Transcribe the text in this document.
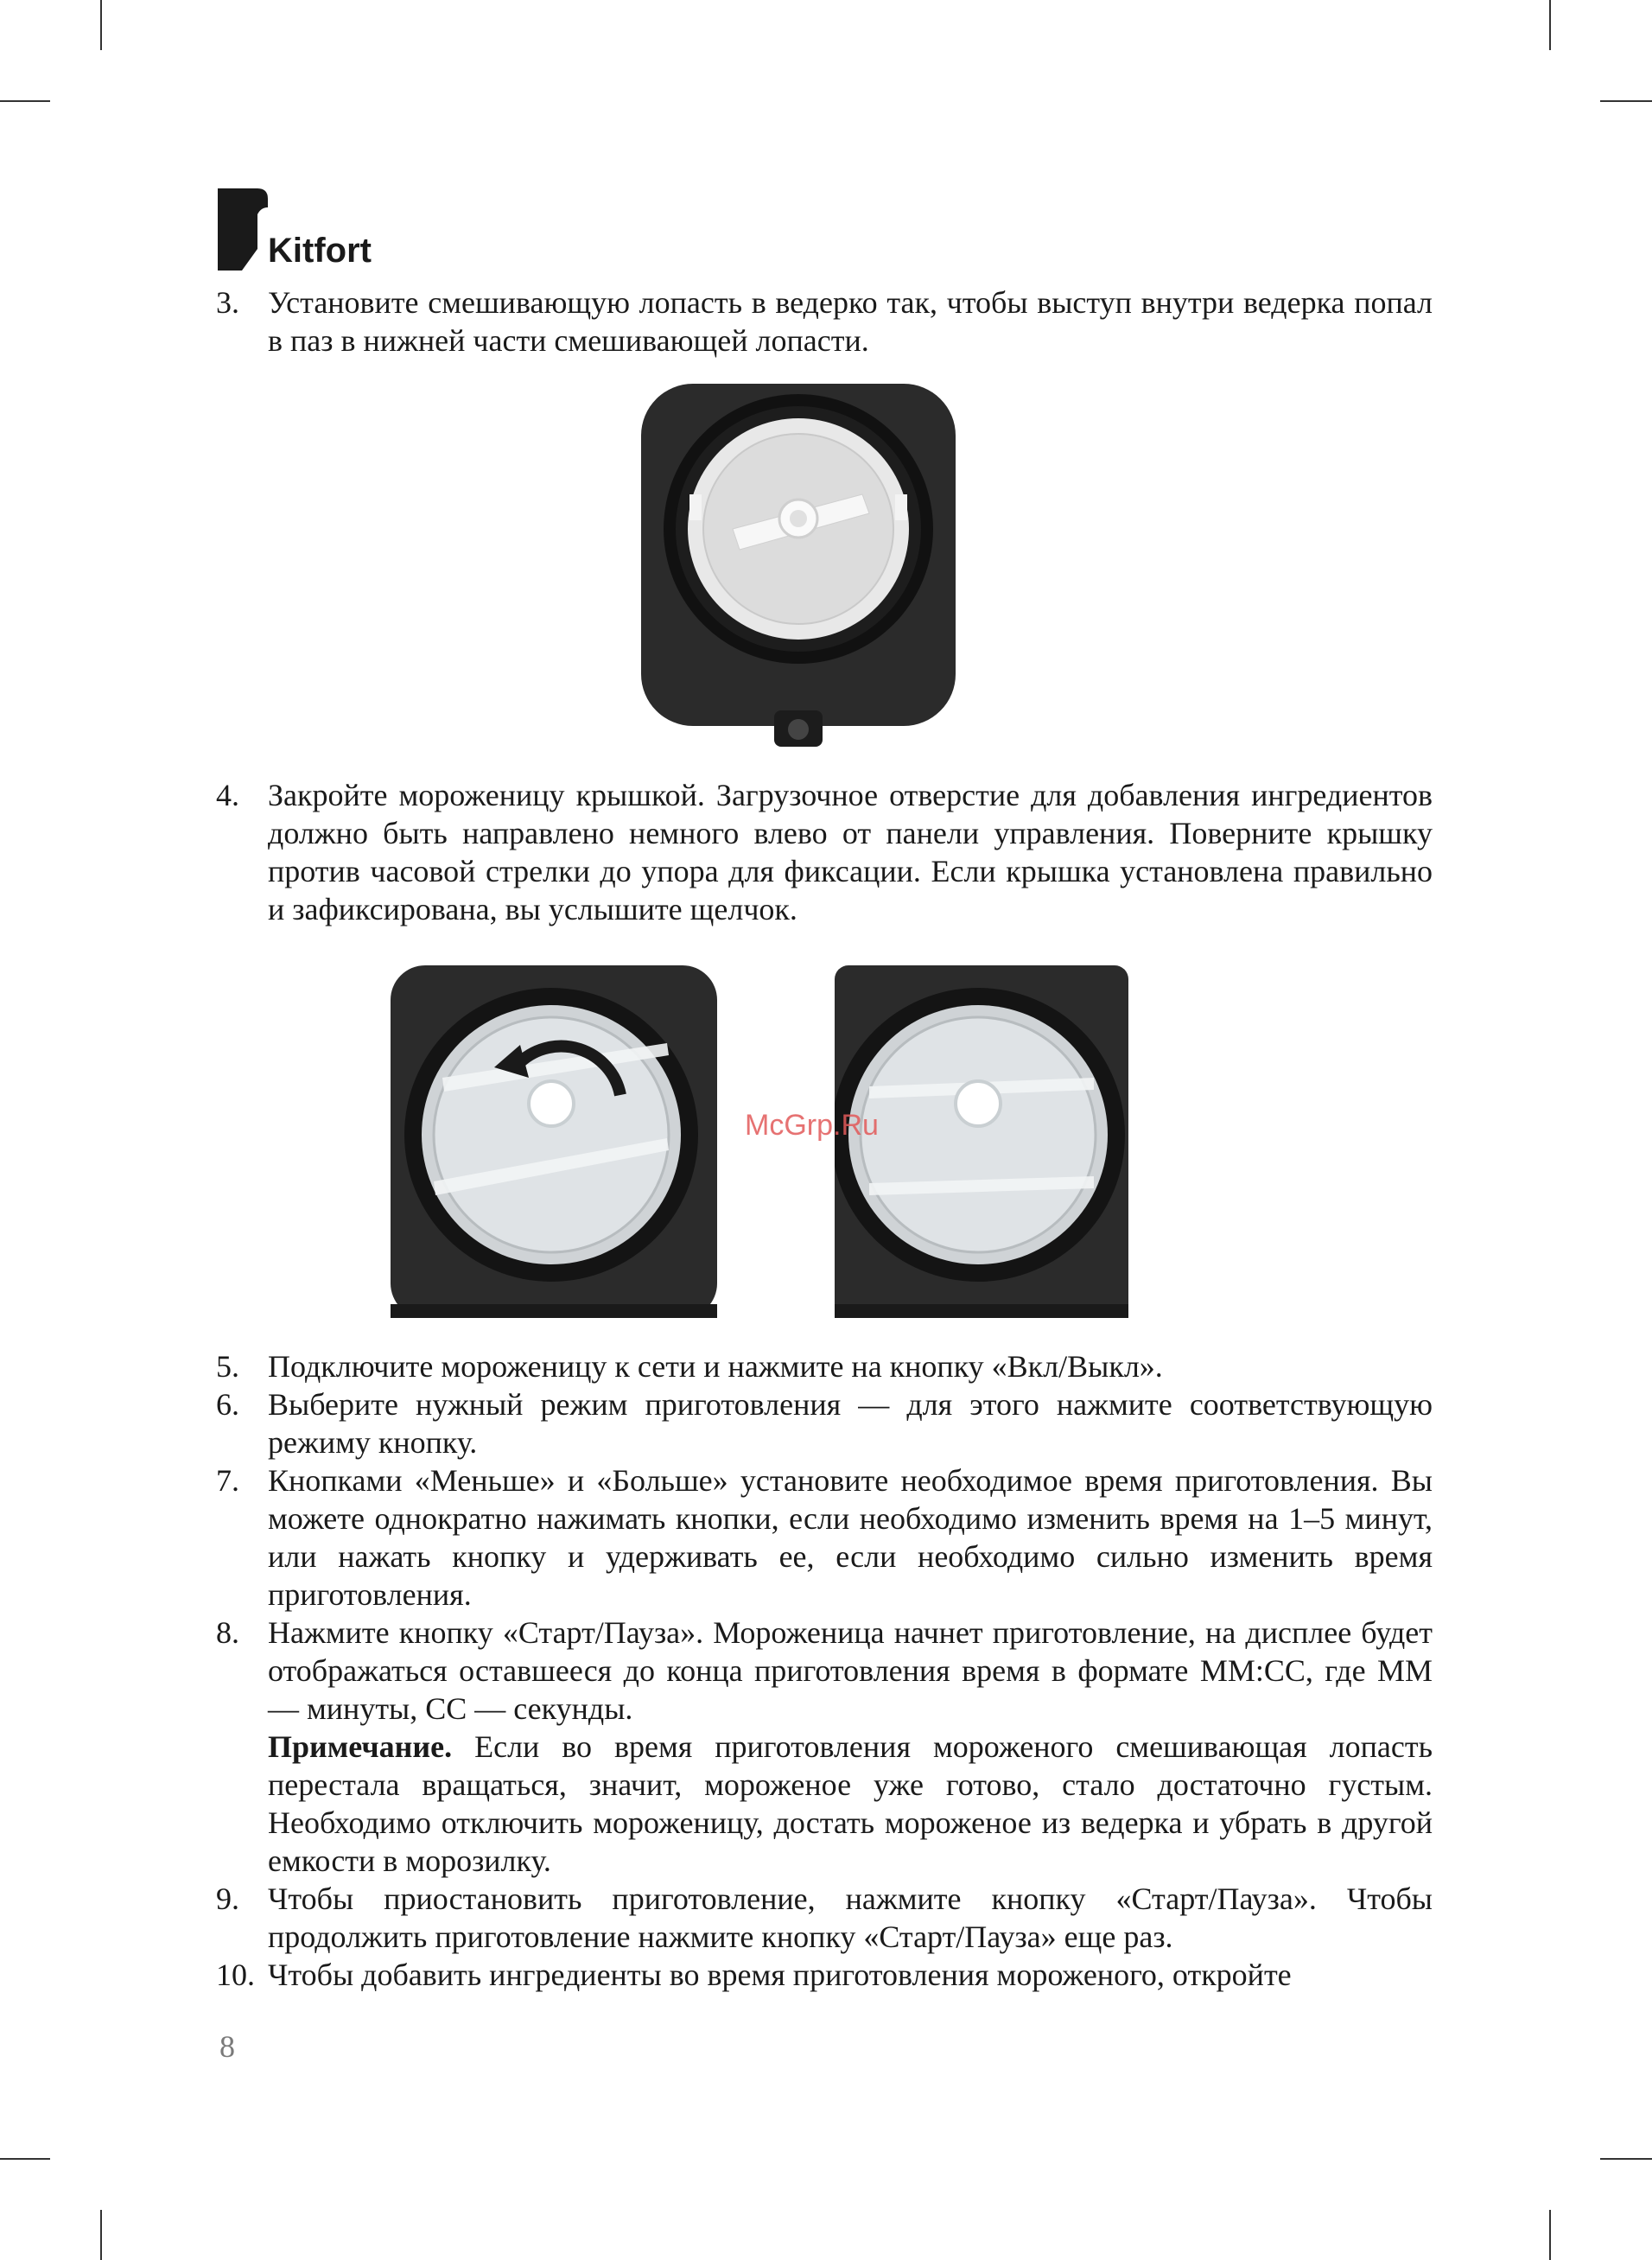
Kitfort
3. Установите смешивающую лопасть в ведерко так, чтобы выступ внутри ведерка попал в паз в нижней части смешивающей лопасти.
4. Закройте мороженицу крышкой. Загрузочное отверстие для добавления ингредиентов должно быть направлено немного влево от панели управления. Поверните крышку против часовой стрелки до упора для фиксации. Если крышка установлена правильно и зафиксирована, вы услышите щелчок.
McGrp.Ru
5. Подключите мороженицу к сети и нажмите на кнопку «Вкл/Выкл».
6. Выберите нужный режим приготовления — для этого нажмите соответствующую режиму кнопку.
7. Кнопками «Меньше» и «Больше» установите необходимое время приготовления. Вы можете однократно нажимать кнопки, если необходимо изменить время на 1–5 минут, или нажать кнопку и удерживать ее, если необходимо сильно изменить время приготовления.
8. Нажмите кнопку «Старт/Пауза». Мороженица начнет приготовление, на дисплее будет отображаться оставшееся до конца приготовления время в формате ММ:СС, где ММ — минуты, СС — секунды.
Примечание. Если во время приготовления мороженого смешивающая лопасть перестала вращаться, значит, мороженое уже готово, стало достаточно густым. Необходимо отключить мороженицу, достать мороженое из ведерка и убрать в другой емкости в морозилку.
9. Чтобы приостановить приготовление, нажмите кнопку «Старт/Пауза». Чтобы продолжить приготовление нажмите кнопку «Старт/Пауза» еще раз.
10. Чтобы добавить ингредиенты во время приготовления мороженого, откройте
8
